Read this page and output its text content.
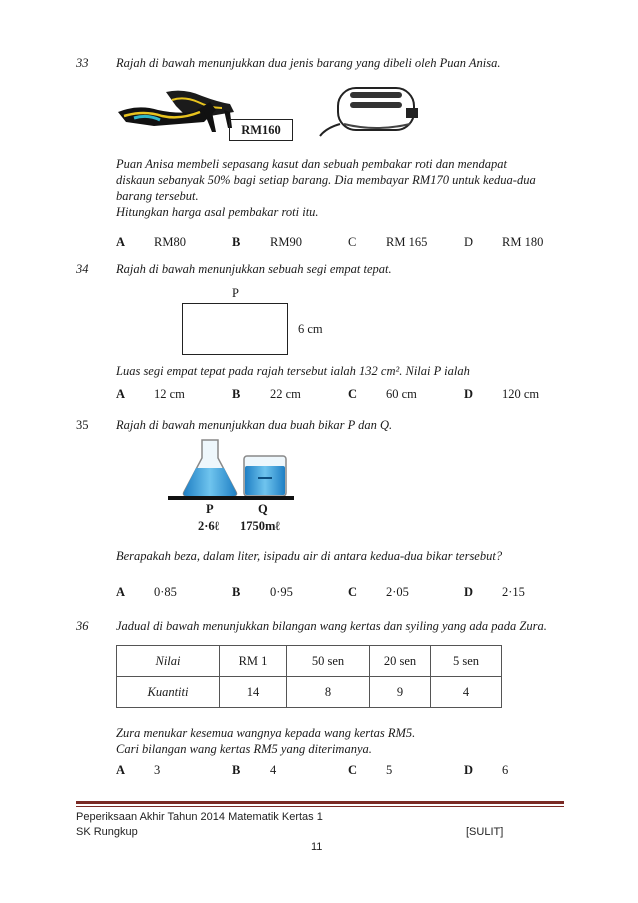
33 Rajah di bawah menunjukkan dua jenis barang yang dibeli oleh Puan Anisa.
RM160
Puan Anisa membeli sepasang kasut dan sebuah pembakar roti dan mendapat
diskaun sebanyak 50% bagi setiap barang. Dia membayar RM170 untuk kedua-dua
barang tersebut.
Hitungkan harga asal pembakar roti itu.
A RM80	B RM90	C RM 165	D RM 180
34 Rajah di bawah menunjukkan sebuah segi empat tepat.
P
6 cm
Luas segi empat tepat pada rajah tersebut ialah 132 cm². Nilai P ialah
A 12 cm	B 22 cm	C 60 cm	D 120 cm
35 Rajah di bawah menunjukkan dua buah bikar P dan Q.
P	Q
2·6ℓ 1750mℓ
Berapakah beza, dalam liter, isipadu air di antara kedua-dua bikar tersebut?
A 0·85	B 0·95	C 2·05	D 2·15
36 Jadual di bawah menunjukkan bilangan wang kertas dan syiling yang ada pada Zura.
Nilai	RM 1	50 sen	20 sen	5 sen
Kuantiti	14	8	9	4
Zura menukar kesemua wangnya kepada wang kertas RM5.
Cari bilangan wang kertas RM5 yang diterimanya.
A 3	B 4	C 5	D 6
Peperiksaan Akhir Tahun 2014 Matematik Kertas 1
SK Rungkup	[SULIT]
11
